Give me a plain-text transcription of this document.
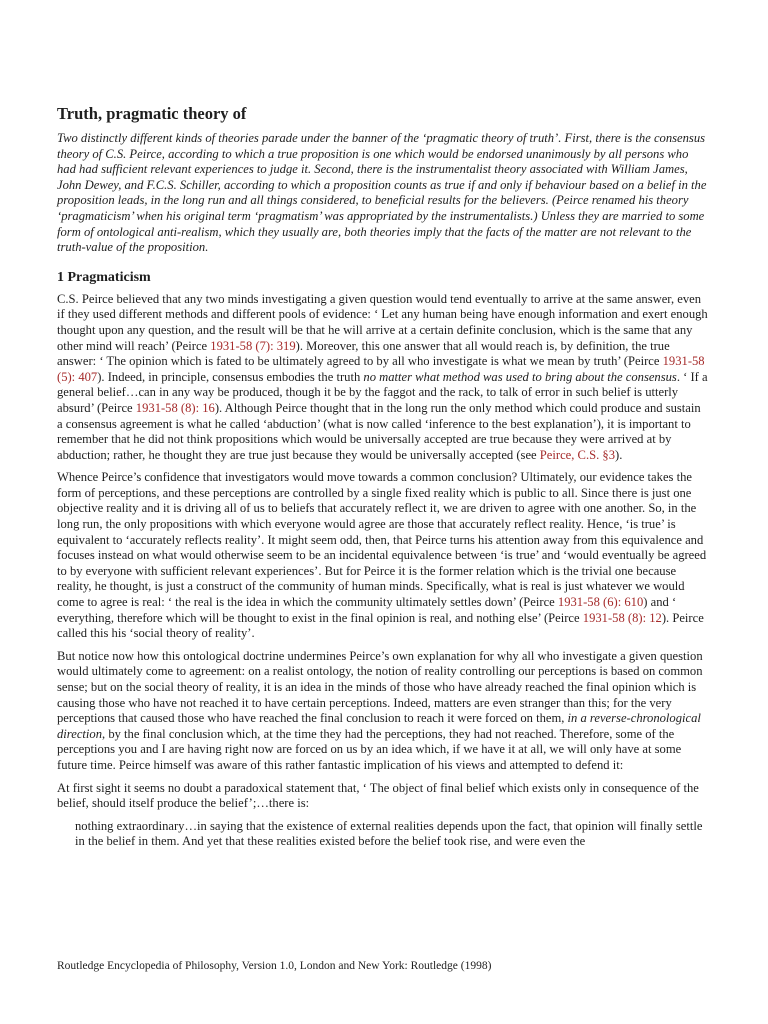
Truth, pragmatic theory of

Two distinctly different kinds of theories parade under the banner of the ‘pragmatic theory of truth’. First, there is the consensus theory of C.S. Peirce, according to which a true proposition is one which would be endorsed unanimously by all persons who had had sufficient relevant experiences to judge it. Second, there is the instrumentalist theory associated with William James, John Dewey, and F.C.S. Schiller, according to which a proposition counts as true if and only if behaviour based on a belief in the proposition leads, in the long run and all things considered, to beneficial results for the believers. (Peirce renamed his theory ‘pragmaticism’ when his original term ‘pragmatism’ was appropriated by the instrumentalists.) Unless they are married to some form of ontological anti-realism, which they usually are, both theories imply that the facts of the matter are not relevant to the truth-value of the proposition.

1 Pragmaticism

C.S. Peirce believed that any two minds investigating a given question would tend eventually to arrive at the same answer, even if they used different methods and different pools of evidence: ‘ Let any human being have enough information and exert enough thought upon any question, and the result will be that he will arrive at a certain definite conclusion, which is the same that any other mind will reach’ (Peirce 1931-58 (7): 319). Moreover, this one answer that all would reach is, by definition, the true answer: ‘ The opinion which is fated to be ultimately agreed to by all who investigate is what we mean by truth’ (Peirce 1931-58 (5): 407). Indeed, in principle, consensus embodies the truth no matter what method was used to bring about the consensus. ‘ If a general belief…can in any way be produced, though it be by the faggot and the rack, to talk of error in such belief is utterly absurd’ (Peirce 1931-58 (8): 16). Although Peirce thought that in the long run the only method which could produce and sustain a consensus agreement is what he called ‘abduction’ (what is now called ‘inference to the best explanation’), it is important to remember that he did not think propositions which would be universally accepted are true because they were arrived at by abduction; rather, he thought they are true just because they would be universally accepted (see Peirce, C.S. §3).

Whence Peirce’s confidence that investigators would move towards a common conclusion? Ultimately, our evidence takes the form of perceptions, and these perceptions are controlled by a single fixed reality which is public to all. Since there is just one objective reality and it is driving all of us to beliefs that accurately reflect it, we are driven to agree with one another. So, in the long run, the only propositions with which everyone would agree are those that accurately reflect reality. Hence, ‘is true’ is equivalent to ‘accurately reflects reality’. It might seem odd, then, that Peirce turns his attention away from this equivalence and focuses instead on what would otherwise seem to be an incidental equivalence between ‘is true’ and ‘would eventually be agreed to by everyone with sufficient relevant experiences’. But for Peirce it is the former relation which is the trivial one because reality, he thought, is just a construct of the community of human minds. Specifically, what is real is just whatever we would come to agree is real: ‘ the real is the idea in which the community ultimately settles down’ (Peirce 1931-58 (6): 610) and ‘ everything, therefore which will be thought to exist in the final opinion is real, and nothing else’ (Peirce 1931-58 (8): 12). Peirce called this his ‘social theory of reality’.

But notice now how this ontological doctrine undermines Peirce’s own explanation for why all who investigate a given question would ultimately come to agreement: on a realist ontology, the notion of reality controlling our perceptions is based on common sense; but on the social theory of reality, it is an idea in the minds of those who have already reached the final opinion which is causing those who have not reached it to have certain perceptions. Indeed, matters are even stranger than this; for the very perceptions that caused those who have reached the final conclusion to reach it were forced on them, in a reverse-chronological direction, by the final conclusion which, at the time they had the perceptions, they had not reached. Therefore, some of the perceptions you and I are having right now are forced on us by an idea which, if we have it at all, we will only have at some future time. Peirce himself was aware of this rather fantastic implication of his views and attempted to defend it:

At first sight it seems no doubt a paradoxical statement that, ‘ The object of final belief which exists only in consequence of the belief, should itself produce the belief’;…there is:

nothing extraordinary…in saying that the existence of external realities depends upon the fact, that opinion will finally settle in the belief in them. And yet that these realities existed before the belief took rise, and were even the

Routledge Encyclopedia of Philosophy, Version 1.0, London and New York: Routledge (1998)
